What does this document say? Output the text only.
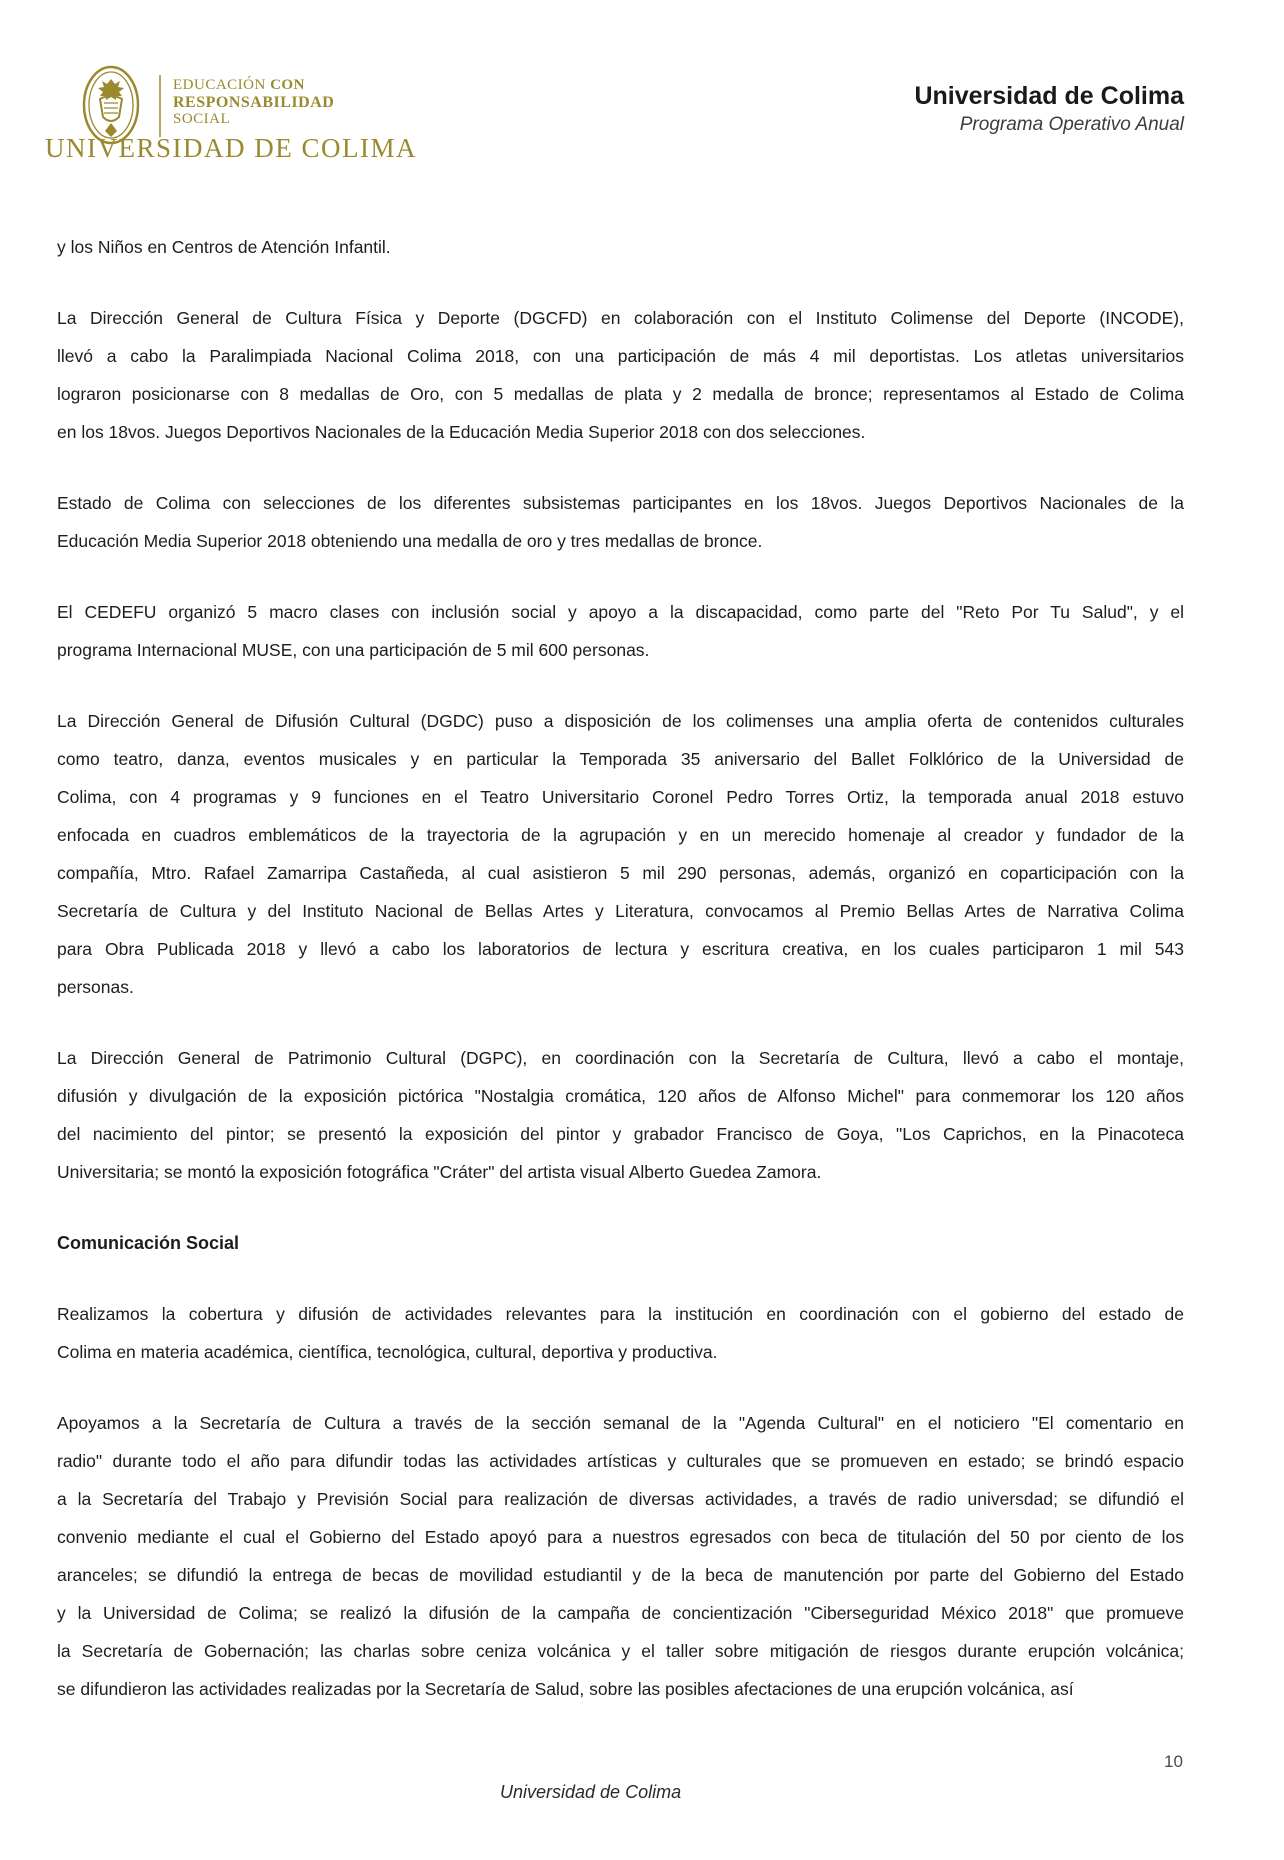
EDUCACIÓN CON
RESPONSABILIDAD
SOCIAL
UNIVERSIDAD DE COLIMA
Universidad de Colima
Programa Operativo Anual
y los Niños en Centros de Atención Infantil.
La Dirección General de Cultura Física y Deporte (DGCFD) en colaboración con el Instituto Colimense del Deporte (INCODE),
llevó a cabo la Paralimpiada Nacional Colima 2018, con una participación de más 4 mil deportistas. Los atletas universitarios
lograron posicionarse con 8 medallas de Oro, con 5 medallas de plata y 2 medalla de bronce; representamos al Estado de Colima
en los 18vos. Juegos Deportivos Nacionales de la Educación Media Superior 2018 con dos selecciones.
Estado de Colima con selecciones de los diferentes subsistemas participantes en los 18vos. Juegos Deportivos Nacionales de la
Educación Media Superior 2018 obteniendo una medalla de oro y tres medallas de bronce.
El CEDEFU organizó 5 macro clases con inclusión social y apoyo a la discapacidad, como parte del "Reto Por Tu Salud", y el
programa Internacional MUSE, con una participación de 5 mil 600 personas.
La Dirección General de Difusión Cultural (DGDC) puso a disposición de los colimenses una amplia oferta de contenidos culturales
como teatro, danza, eventos musicales y en particular la Temporada 35 aniversario del Ballet Folklórico de la Universidad de
Colima, con 4 programas y 9 funciones en el Teatro Universitario Coronel Pedro Torres Ortiz, la temporada anual 2018 estuvo
enfocada en cuadros emblemáticos de la trayectoria de la agrupación y en un merecido homenaje al creador y fundador de la
compañía, Mtro. Rafael Zamarripa Castañeda, al cual asistieron 5 mil 290 personas, además, organizó en coparticipación con la
Secretaría de Cultura y del Instituto Nacional de Bellas Artes y Literatura, convocamos al Premio Bellas Artes de Narrativa Colima
para Obra Publicada 2018 y llevó a cabo los laboratorios de lectura y escritura creativa, en los cuales participaron 1 mil 543
personas.
La Dirección General de Patrimonio Cultural (DGPC), en coordinación con la Secretaría de Cultura, llevó a cabo el montaje,
difusión y divulgación de la exposición pictórica "Nostalgia cromática, 120 años de Alfonso Michel" para conmemorar los 120 años
del nacimiento del pintor; se presentó la exposición del pintor y grabador Francisco de Goya, "Los Caprichos, en la Pinacoteca
Universitaria; se montó la exposición fotográfica "Cráter" del artista visual Alberto Guedea Zamora.
Comunicación Social
Realizamos la cobertura y difusión de actividades relevantes para la institución en coordinación con el gobierno del estado de
Colima en materia académica, científica, tecnológica, cultural, deportiva y productiva.
Apoyamos a la Secretaría de Cultura a través de la sección semanal de la "Agenda Cultural" en el noticiero "El comentario en
radio" durante todo el año para difundir todas las actividades artísticas y culturales que se promueven en estado; se brindó espacio
a la Secretaría del Trabajo y Previsión Social para realización de diversas actividades, a través de radio universdad; se difundió el
convenio mediante el cual el Gobierno del Estado apoyó para a nuestros egresados con beca de titulación del 50 por ciento de los
aranceles; se difundió la entrega de becas de movilidad estudiantil y de la beca de manutención por parte del Gobierno del Estado
y la Universidad de Colima; se realizó la difusión de la campaña de concientización "Ciberseguridad México 2018" que promueve
la Secretaría de Gobernación; las charlas sobre ceniza volcánica y el taller sobre mitigación de riesgos durante erupción volcánica;
se difundieron las actividades realizadas por la Secretaría de Salud, sobre las posibles afectaciones de una erupción volcánica, así
Universidad de Colima
10
